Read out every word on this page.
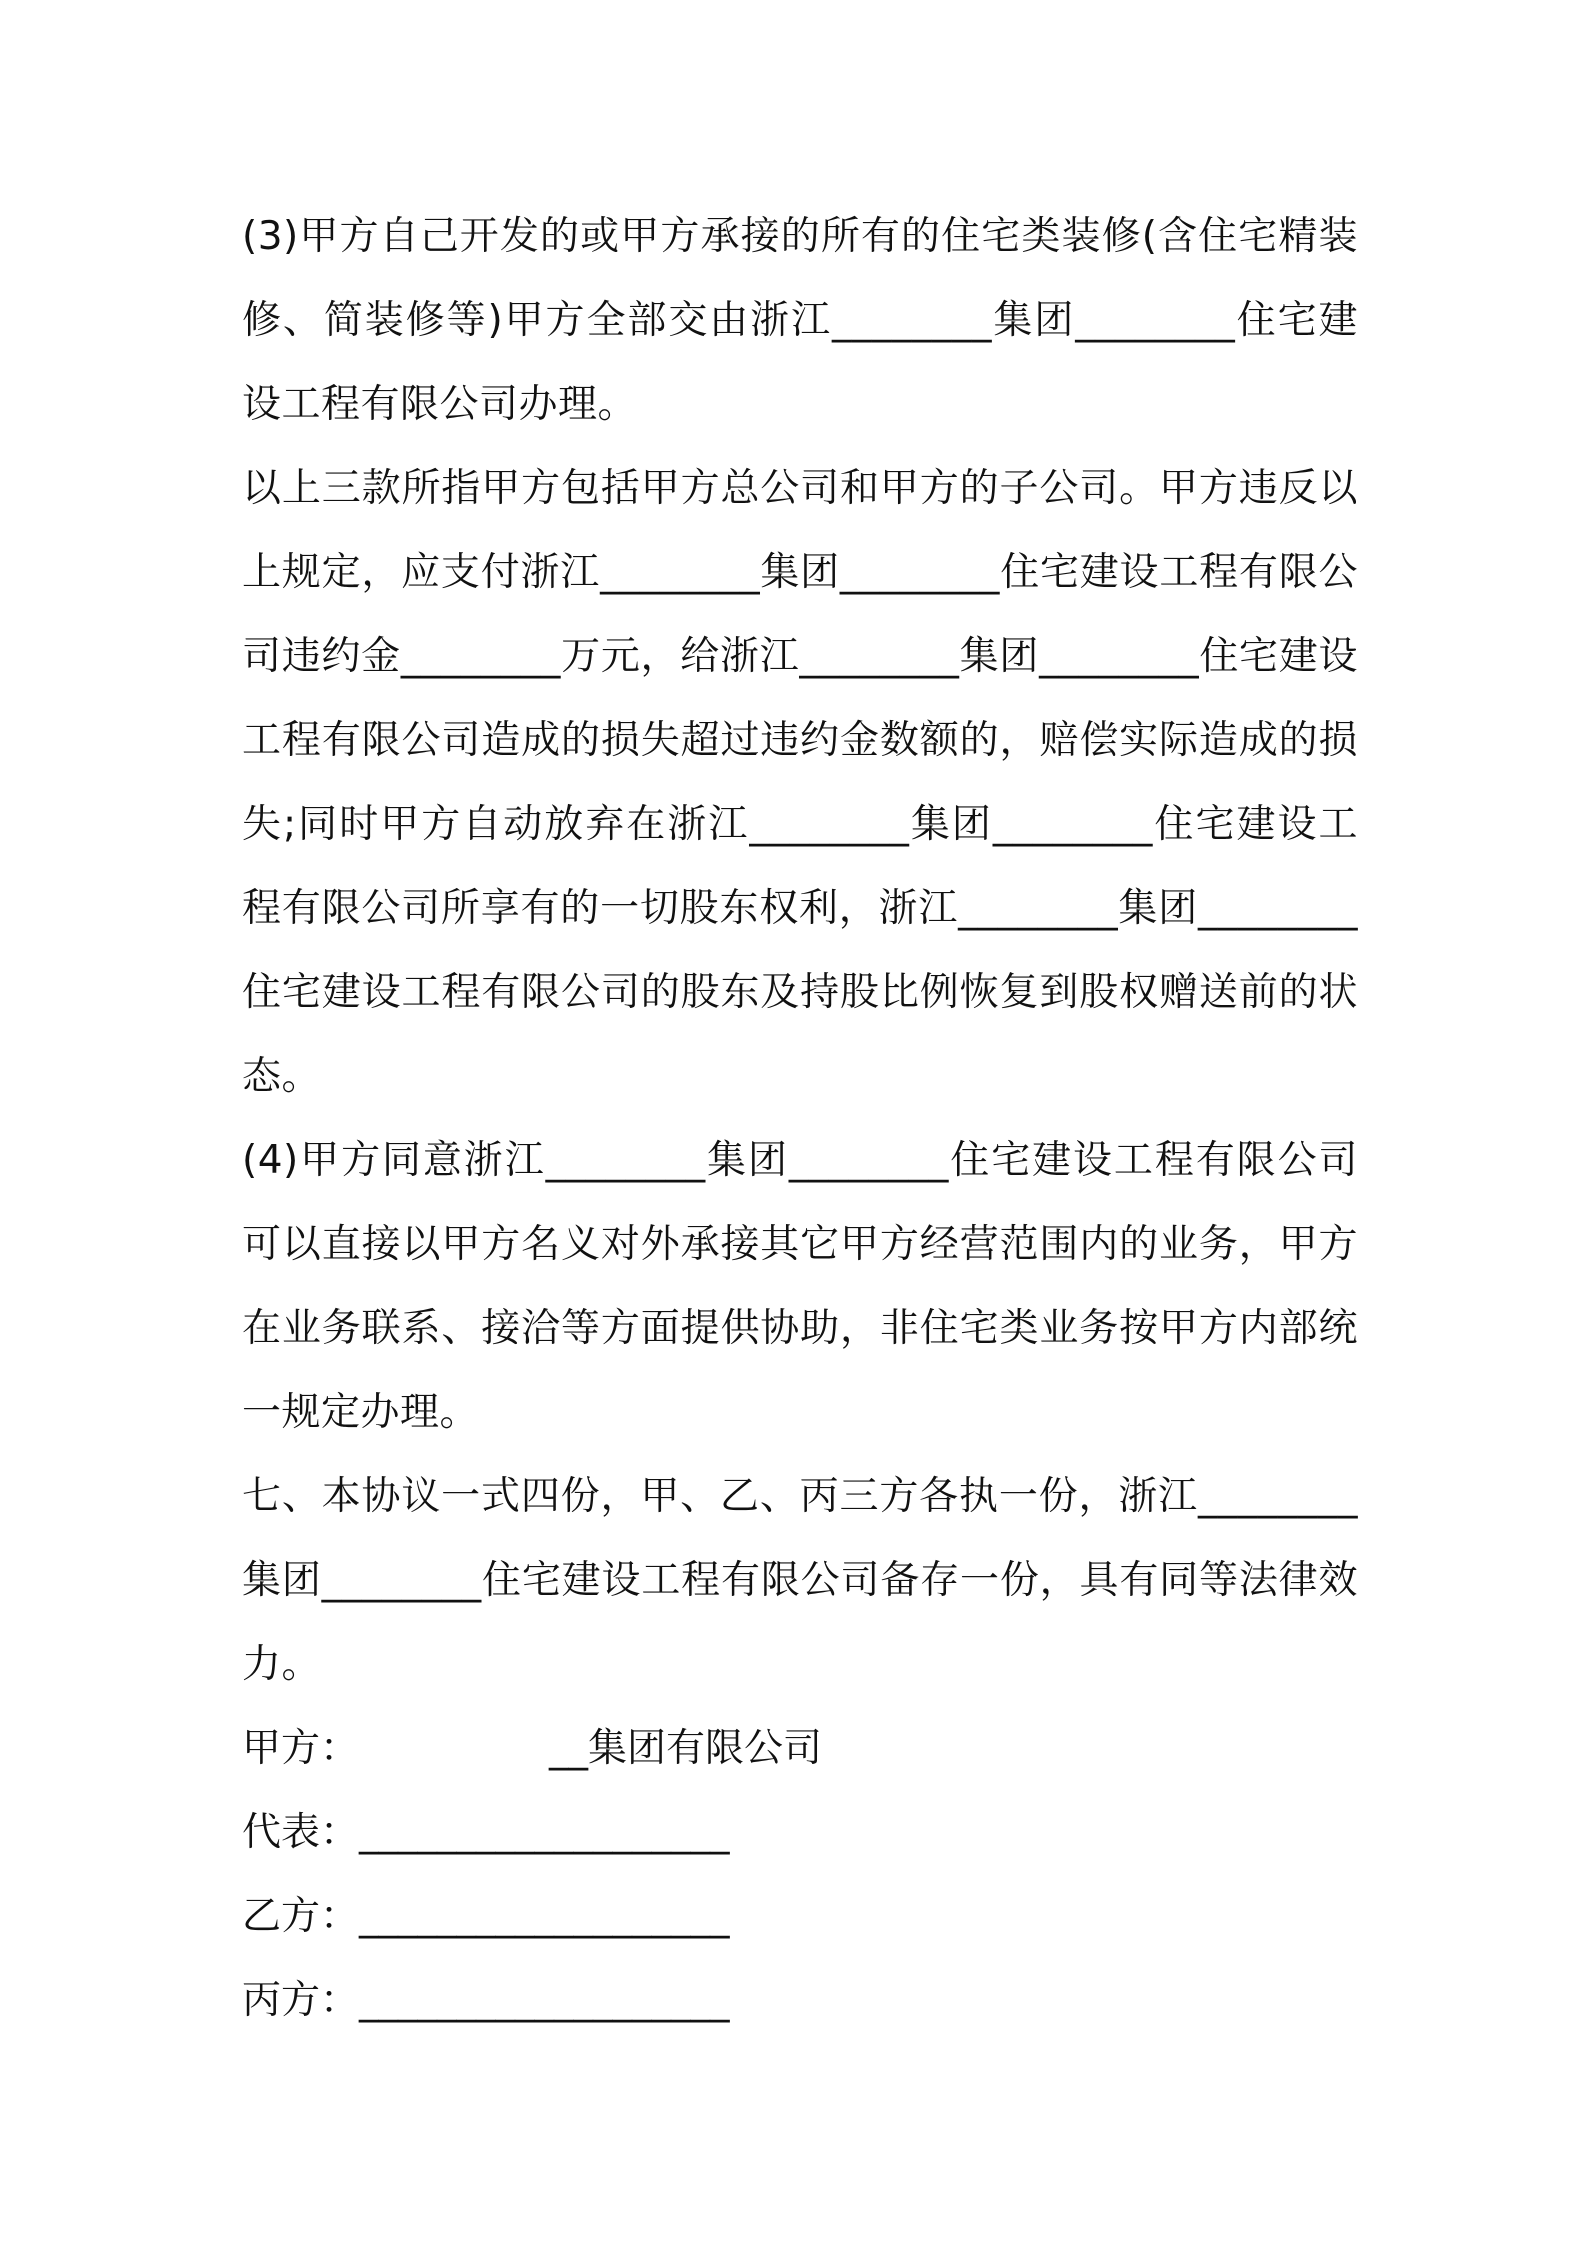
(3)甲方自己开发的或甲方承接的所有的住宅类装修(含住宅精装修、简装修等)甲方全部交由浙江________集团________住宅建设工程有限公司办理。

以上三款所指甲方包括甲方总公司和甲方的子公司。甲方违反以上规定，应支付浙江________集团________住宅建设工程有限公司违约金________万元，给浙江________集团________住宅建设工程有限公司造成的损失超过违约金数额的，赔偿实际造成的损失;同时甲方自动放弃在浙江________集团________住宅建设工程有限公司所享有的一切股东权利，浙江________集团________住宅建设工程有限公司的股东及持股比例恢复到股权赠送前的状态。

(4)甲方同意浙江________集团________住宅建设工程有限公司可以直接以甲方名义对外承接其它甲方经营范围内的业务，甲方在业务联系、接洽等方面提供协助，非住宅类业务按甲方内部统一规定办理。

七、本协议一式四份，甲、乙、丙三方各执一份，浙江________集团________住宅建设工程有限公司备存一份，具有同等法律效力。

甲方：	__集团有限公司
代表：___________________
乙方：___________________
丙方：___________________
